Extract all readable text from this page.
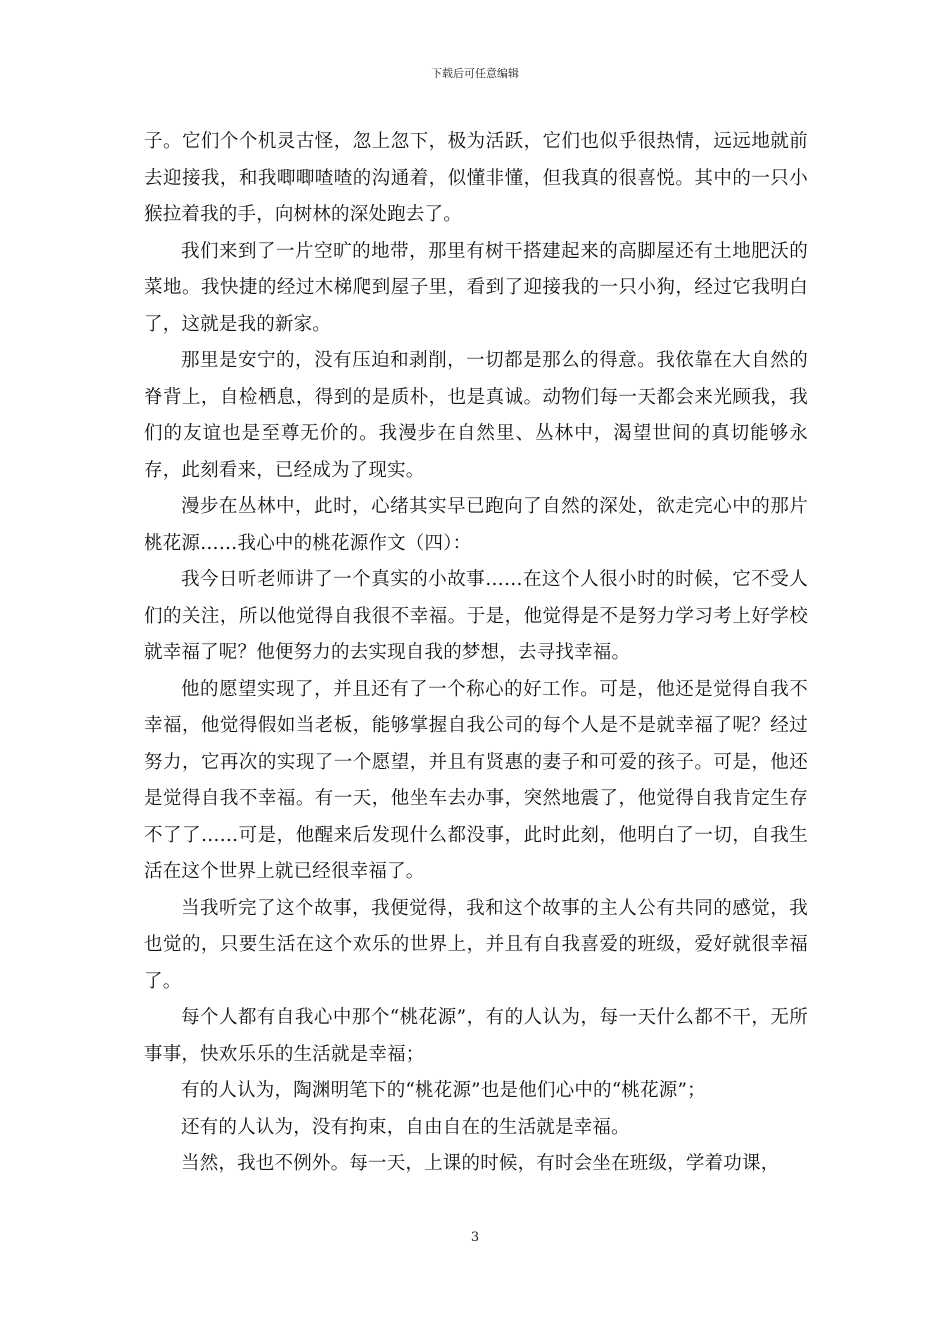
下载后可任意编辑

子。它们个个机灵古怪，忽上忽下，极为活跃，它们也似乎很热情，远远地就前去迎接我，和我唧唧喳喳的沟通着，似懂非懂，但我真的很喜悦。其中的一只小猴拉着我的手，向树林的深处跑去了。

我们来到了一片空旷的地带，那里有树干搭建起来的高脚屋还有土地肥沃的菜地。我快捷的经过木梯爬到屋子里，看到了迎接我的一只小狗，经过它我明白了，这就是我的新家。

那里是安宁的，没有压迫和剥削，一切都是那么的得意。我依靠在大自然的脊背上，自检栖息，得到的是质朴，也是真诚。动物们每一天都会来光顾我，我们的友谊也是至尊无价的。我漫步在自然里、丛林中，渴望世间的真切能够永存，此刻看来，已经成为了现实。

漫步在丛林中，此时，心绪其实早已跑向了自然的深处，欲走完心中的那片桃花源……我心中的桃花源作文（四）：

我今日听老师讲了一个真实的小故事……在这个人很小时的时候，它不受人们的关注，所以他觉得自我很不幸福。于是，他觉得是不是努力学习考上好学校就幸福了呢？他便努力的去实现自我的梦想，去寻找幸福。

他的愿望实现了，并且还有了一个称心的好工作。可是，他还是觉得自我不幸福，他觉得假如当老板，能够掌握自我公司的每个人是不是就幸福了呢？经过努力，它再次的实现了一个愿望，并且有贤惠的妻子和可爱的孩子。可是，他还是觉得自我不幸福。有一天，他坐车去办事，突然地震了，他觉得自我肯定生存不了了……可是，他醒来后发现什么都没事，此时此刻，他明白了一切，自我生活在这个世界上就已经很幸福了。

当我听完了这个故事，我便觉得，我和这个故事的主人公有共同的感觉，我也觉的，只要生活在这个欢乐的世界上，并且有自我喜爱的班级，爱好就很幸福了。

每个人都有自我心中那个“桃花源”，有的人认为，每一天什么都不干，无所事事，快欢乐乐的生活就是幸福；

有的人认为，陶渊明笔下的“桃花源”也是他们心中的“桃花源”；

还有的人认为，没有拘束，自由自在的生活就是幸福。

当然，我也不例外。每一天，上课的时候，有时会坐在班级，学着功课，

3
